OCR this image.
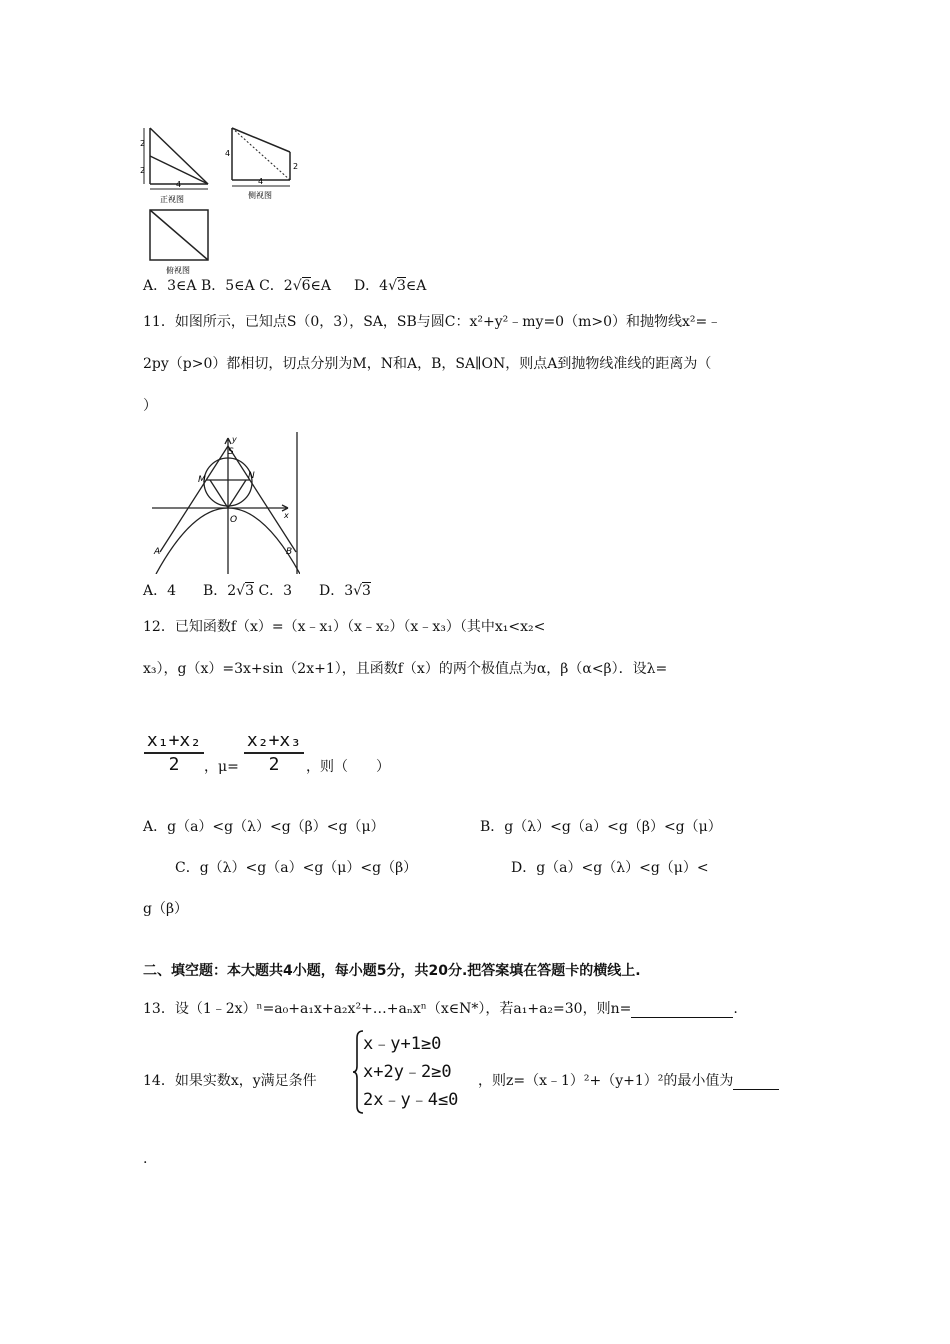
2
2
4
正视图
4
2
4
侧视图
俯视图
A．3∈A B．5∈A C．2√6∈A 　 D．4√3∈A
11．如图所示，已知点S（0，3），SA，SB与圆C：x²+y²﹣my=0（m>0）和抛物线x²=﹣
2py（p>0）都相切，切点分别为M，N和A，B，SA∥ON，则点A到抛物线准线的距离为（
）
y
S
M	N
O	x
A	B
A．4 B．2√3 C．3 D．3√3
12．已知函数f（x）=（x﹣x₁）（x﹣x₂）（x﹣x₃）（其中x₁<x₂<
x₃），g（x）=3x+sin（2x+1），且函数f（x）的两个极值点为α，β（α<β）．设λ=
x₁+x₂
2	，μ=
x₂+x₃
2	，则（　　）
A．g（a）<g（λ）<g（β）<g（μ）	B．g（λ）<g（a）<g（β）<g（μ）
C．g（λ）<g（a）<g（μ）<g（β）	D．g（a）<g（λ）<g（μ）<
g（β）
二、填空题：本大题共4小题，每小题5分，共20分.把答案填在答题卡的横线上.
13．设（1﹣2x）ⁿ=a₀+a₁x+a₂x²+…+aₙxⁿ（x∈N*），若a₁+a₂=30，则n=	.
14．如果实数x，y满足条件
x﹣y+1≥0
x+2y﹣2≥0
2x﹣y﹣4≤0
，则z=（x﹣1）²+（y+1）²的最小值为
.
